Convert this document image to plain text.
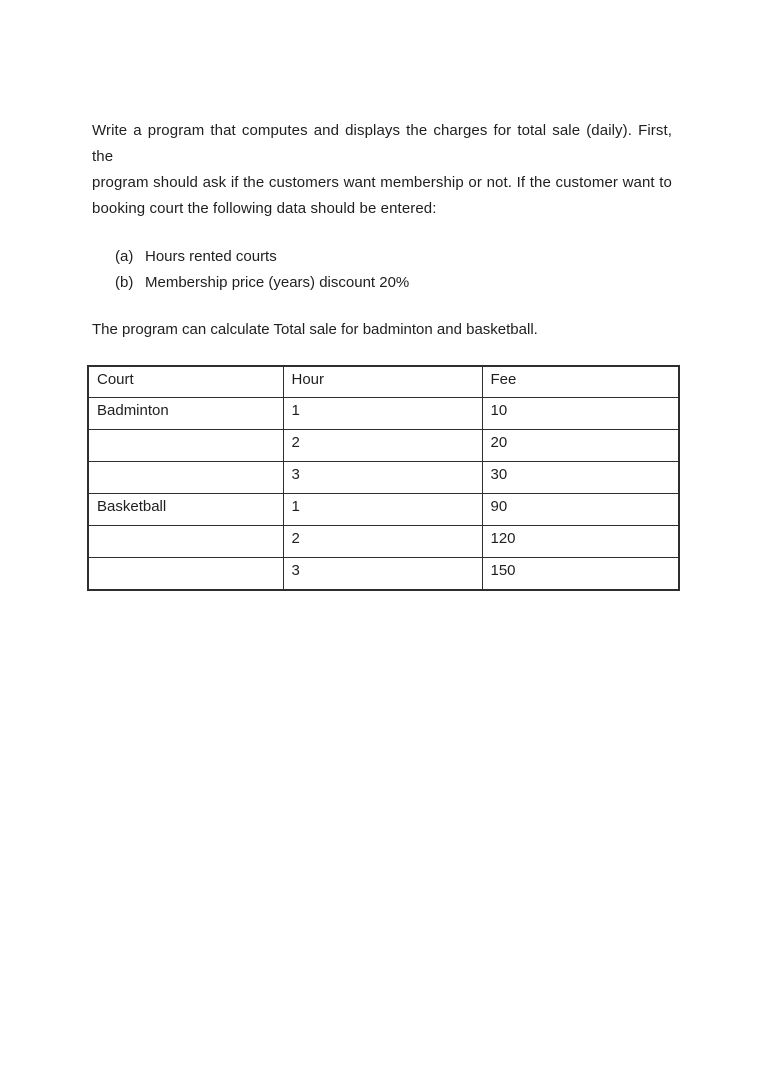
Write a program that computes and displays the charges for total sale (daily). First, the
program should ask if the customers want membership or not. If the customer want to
booking court the following data should be entered:
(a) Hours rented courts
(b) Membership price (years) discount 20%
The program can calculate Total sale for badminton and basketball.
Court	Hour	Fee
Badminton	1	10
	2	20
	3	30
Basketball	1	90
	2	120
	3	150
